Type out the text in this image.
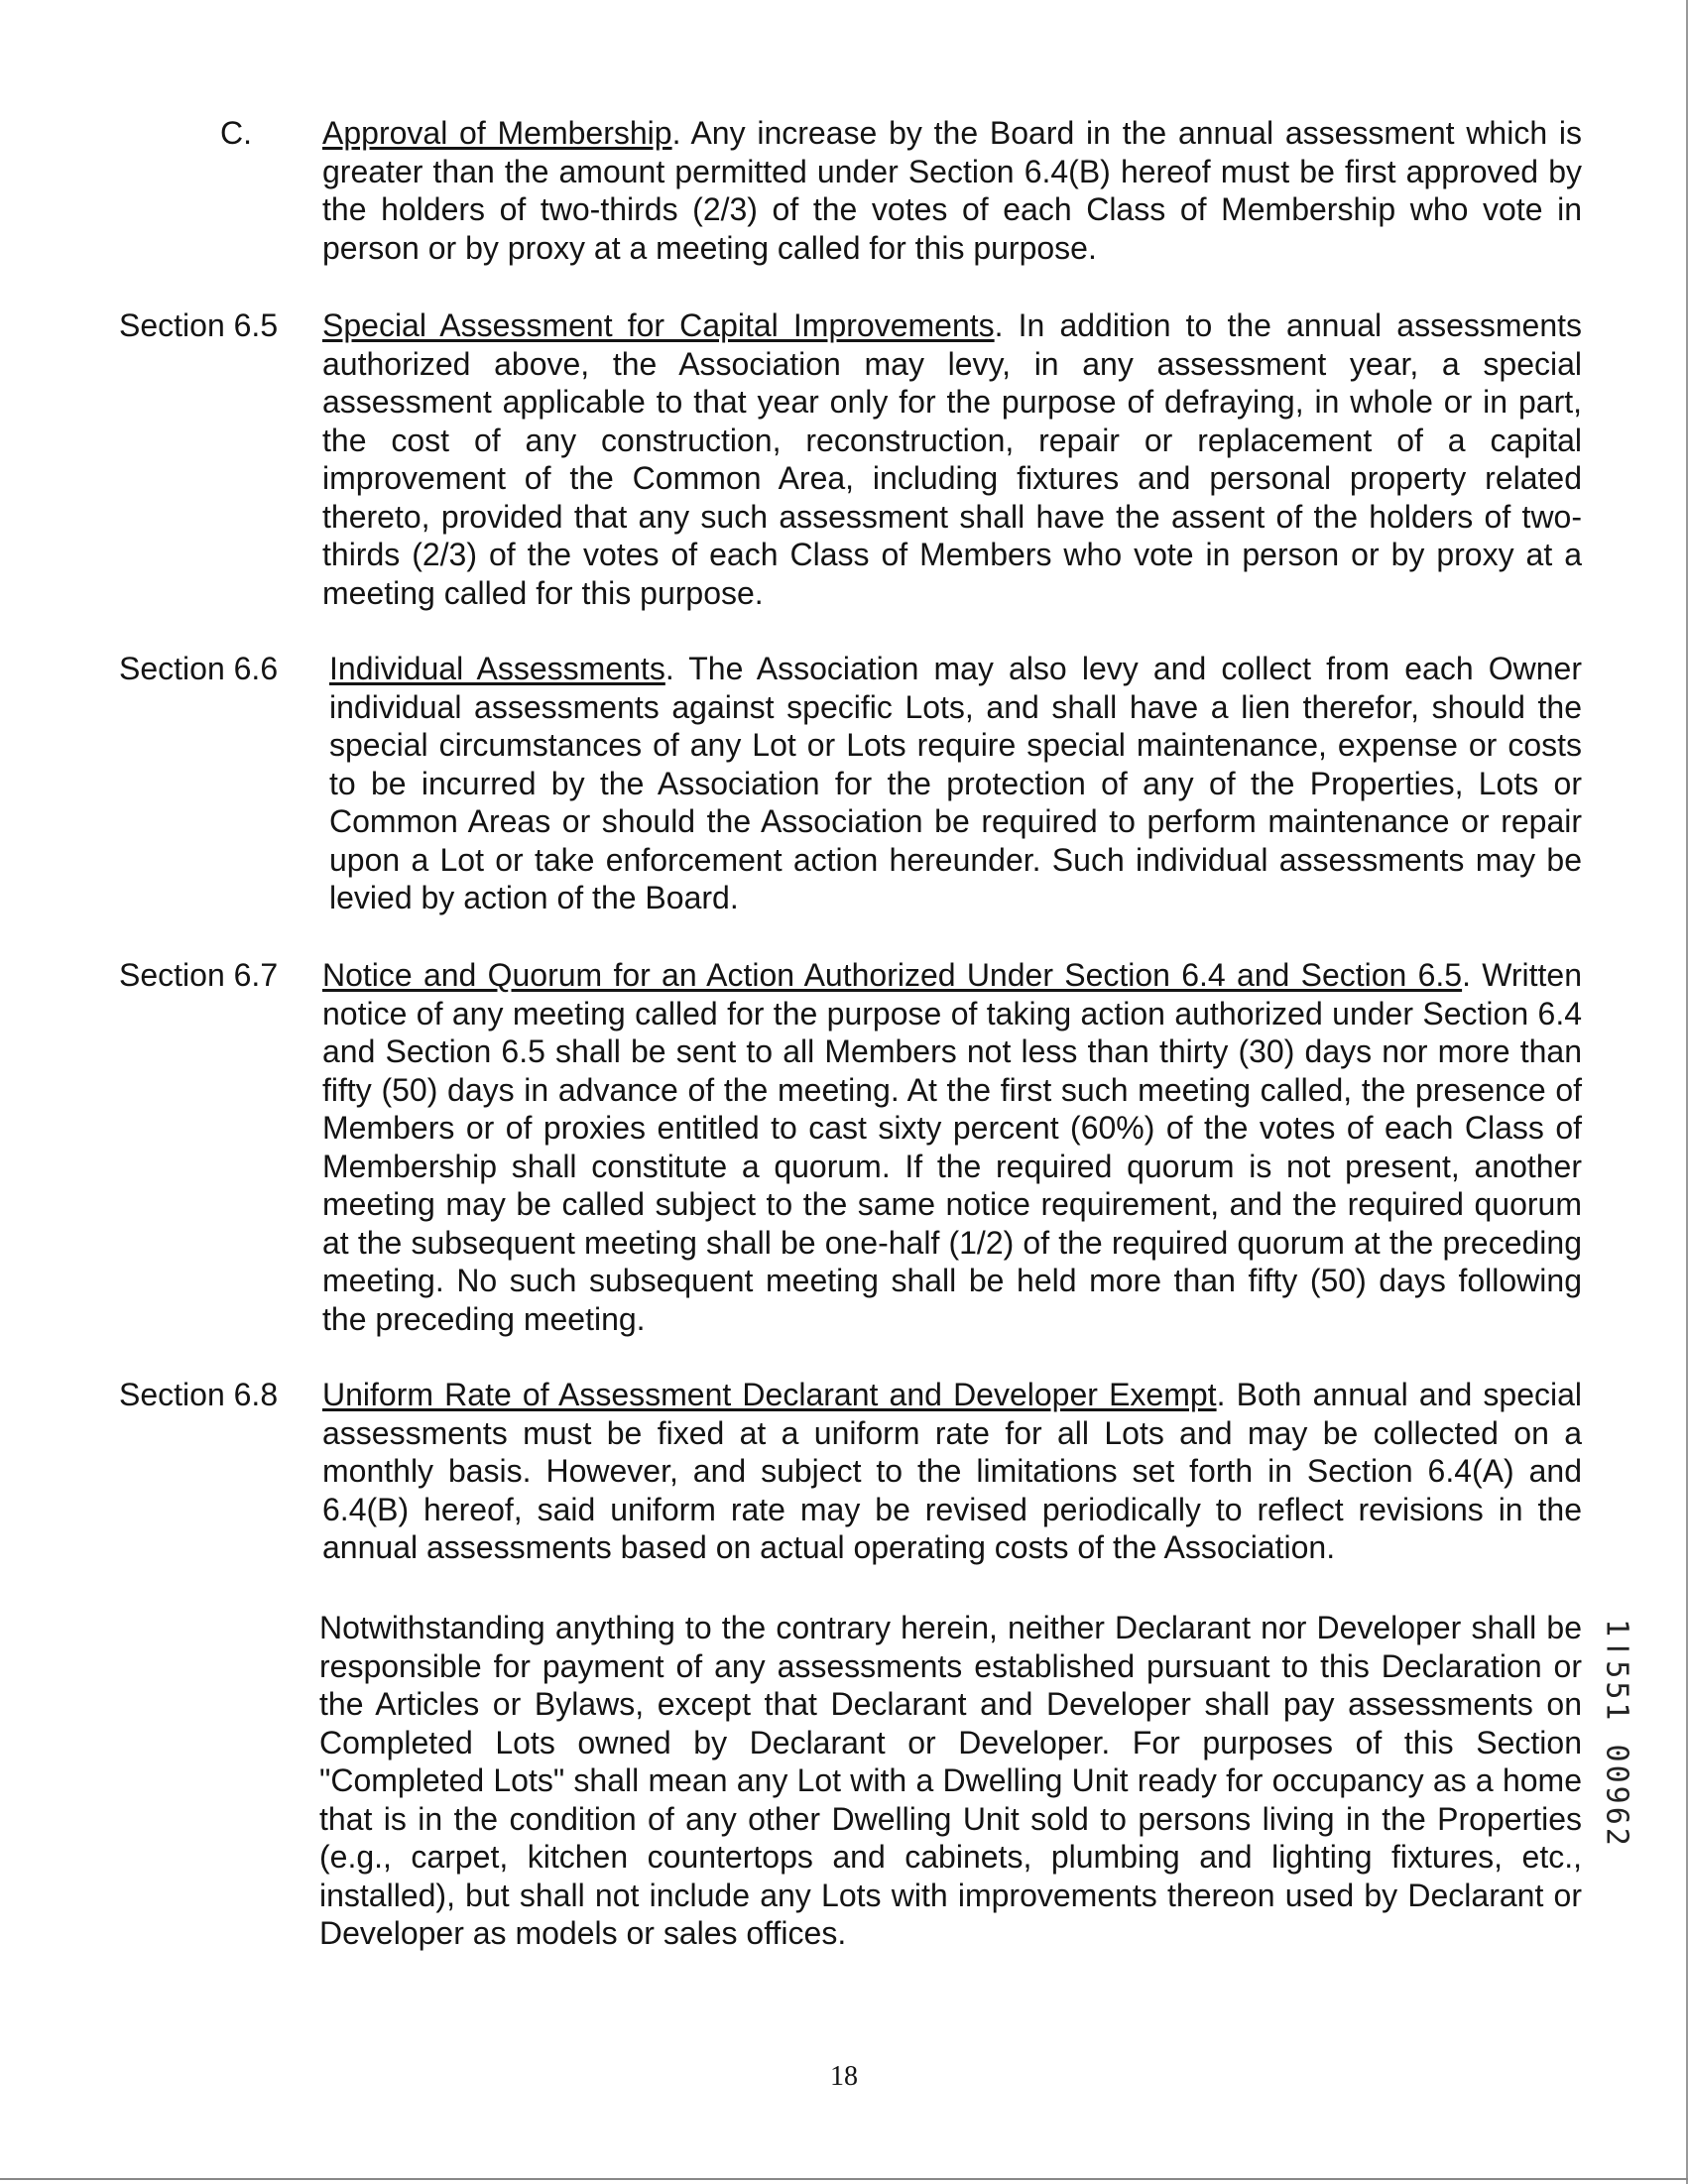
C.	Approval of Membership. Any increase by the Board in the annual assessment which is greater than the amount permitted under Section 6.4(B) hereof must be first approved by the holders of two-thirds (2/3) of the votes of each Class of Membership who vote in person or by proxy at a meeting called for this purpose.
Section 6.5	Special Assessment for Capital Improvements. In addition to the annual assessments authorized above, the Association may levy, in any assessment year, a special assessment applicable to that year only for the purpose of defraying, in whole or in part, the cost of any construction, reconstruction, repair or replacement of a capital improvement of the Common Area, including fixtures and personal property related thereto, provided that any such assessment shall have the assent of the holders of two-thirds (2/3) of the votes of each Class of Members who vote in person or by proxy at a meeting called for this purpose.
Section 6.6	Individual Assessments. The Association may also levy and collect from each Owner individual assessments against specific Lots, and shall have a lien therefor, should the special circumstances of any Lot or Lots require special maintenance, expense or costs to be incurred by the Association for the protection of any of the Properties, Lots or Common Areas or should the Association be required to perform maintenance or repair upon a Lot or take enforcement action hereunder. Such individual assessments may be levied by action of the Board.
Section 6.7	Notice and Quorum for an Action Authorized Under Section 6.4 and Section 6.5. Written notice of any meeting called for the purpose of taking action authorized under Section 6.4 and Section 6.5 shall be sent to all Members not less than thirty (30) days nor more than fifty (50) days in advance of the meeting. At the first such meeting called, the presence of Members or of proxies entitled to cast sixty percent (60%) of the votes of each Class of Membership shall constitute a quorum. If the required quorum is not present, another meeting may be called subject to the same notice requirement, and the required quorum at the subsequent meeting shall be one-half (1/2) of the required quorum at the preceding meeting. No such subsequent meeting shall be held more than fifty (50) days following the preceding meeting.
Section 6.8	Uniform Rate of Assessment Declarant and Developer Exempt. Both annual and special assessments must be fixed at a uniform rate for all Lots and may be collected on a monthly basis. However, and subject to the limitations set forth in Section 6.4(A) and 6.4(B) hereof, said uniform rate may be revised periodically to reflect revisions in the annual assessments based on actual operating costs of the Association.
Notwithstanding anything to the contrary herein, neither Declarant nor Developer shall be responsible for payment of any assessments established pursuant to this Declaration or the Articles or Bylaws, except that Declarant and Developer shall pay assessments on Completed Lots owned by Declarant or Developer. For purposes of this Section "Completed Lots" shall mean any Lot with a Dwelling Unit ready for occupancy as a home that is in the condition of any other Dwelling Unit sold to persons living in the Properties (e.g., carpet, kitchen countertops and cabinets, plumbing and lighting fixtures, etc., installed), but shall not include any Lots with improvements thereon used by Declarant or Developer as models or sales offices.
1ǀ551 00962
18
